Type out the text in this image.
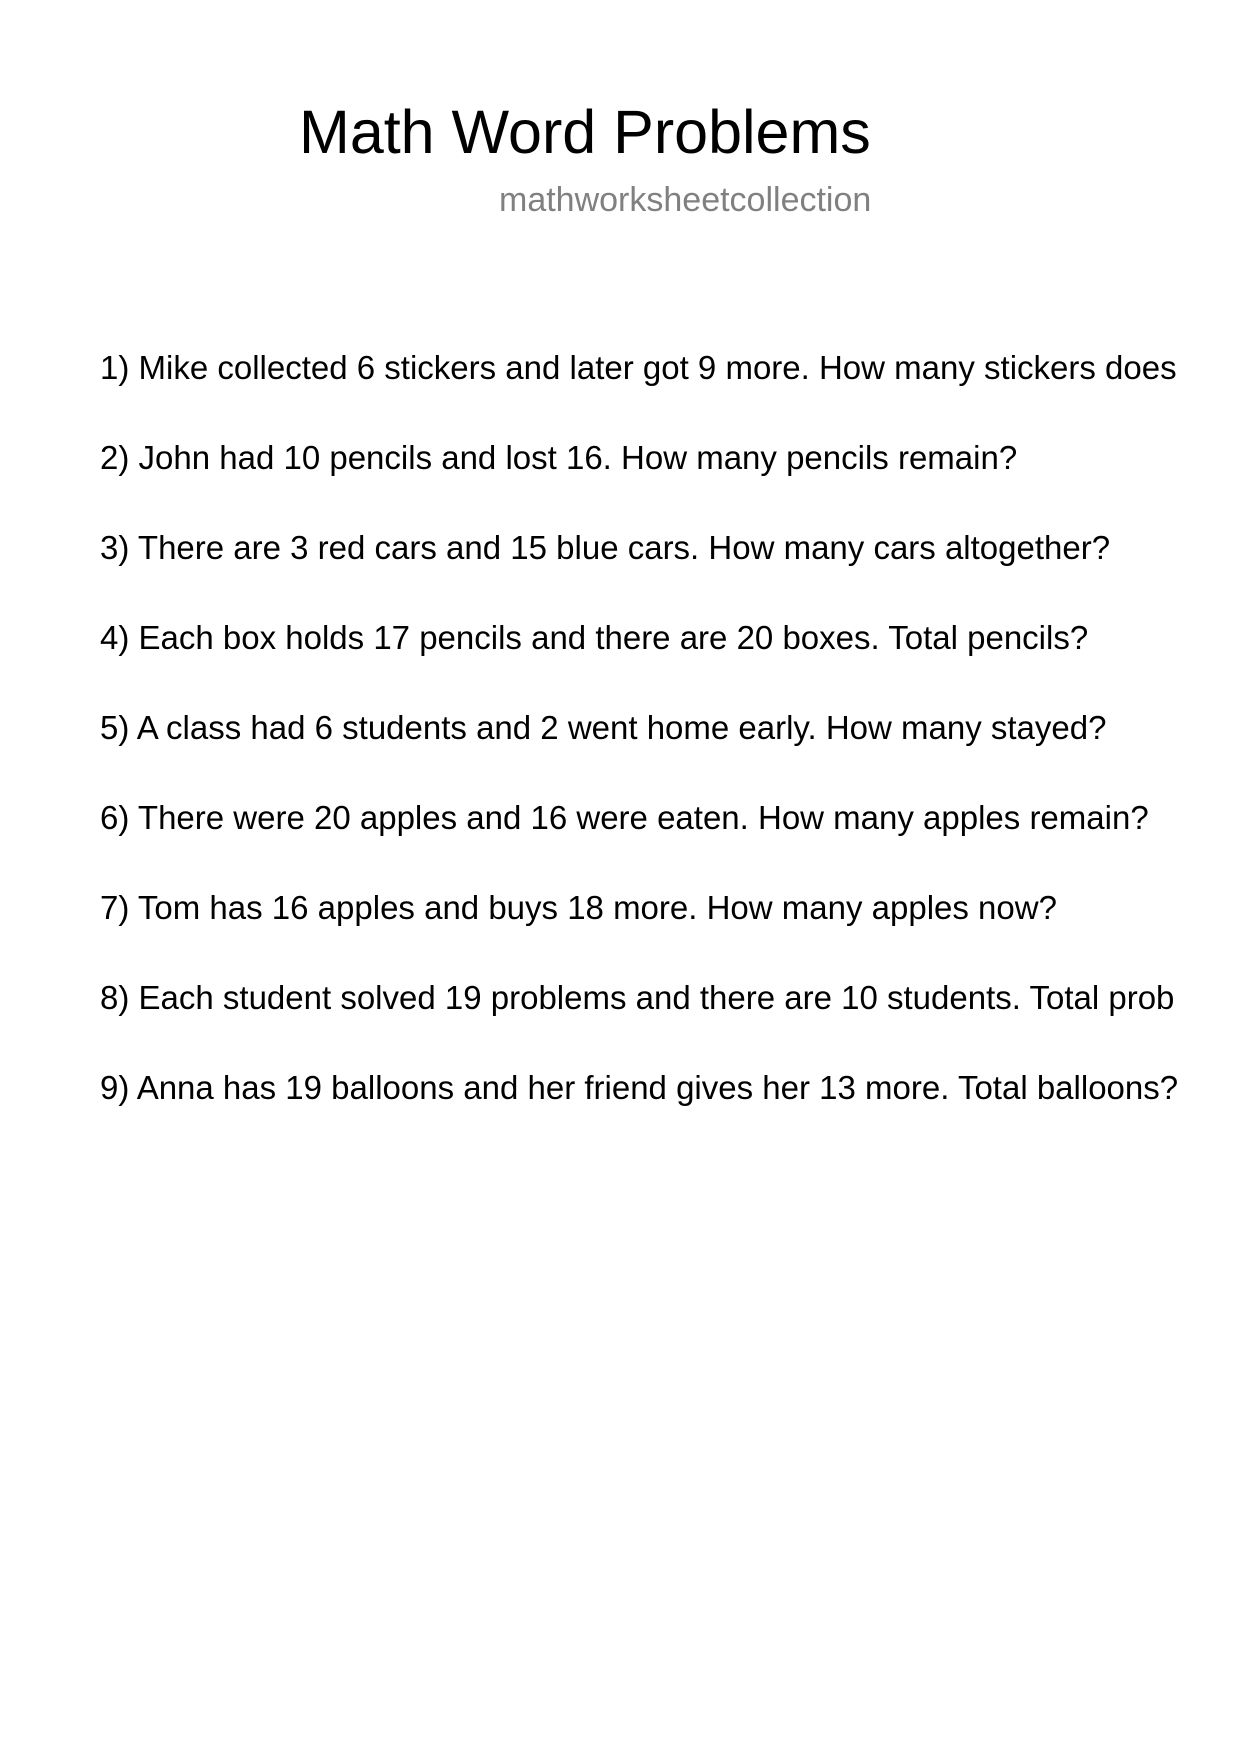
Math Word Problems
mathworksheetcollection
1) Mike collected 6 stickers and later got 9 more. How many stickers does
2) John had 10 pencils and lost 16. How many pencils remain?
3) There are 3 red cars and 15 blue cars. How many cars altogether?
4) Each box holds 17 pencils and there are 20 boxes. Total pencils?
5) A class had 6 students and 2 went home early. How many stayed?
6) There were 20 apples and 16 were eaten. How many apples remain?
7) Tom has 16 apples and buys 18 more. How many apples now?
8) Each student solved 19 problems and there are 10 students. Total prob
9) Anna has 19 balloons and her friend gives her 13 more. Total balloons?
